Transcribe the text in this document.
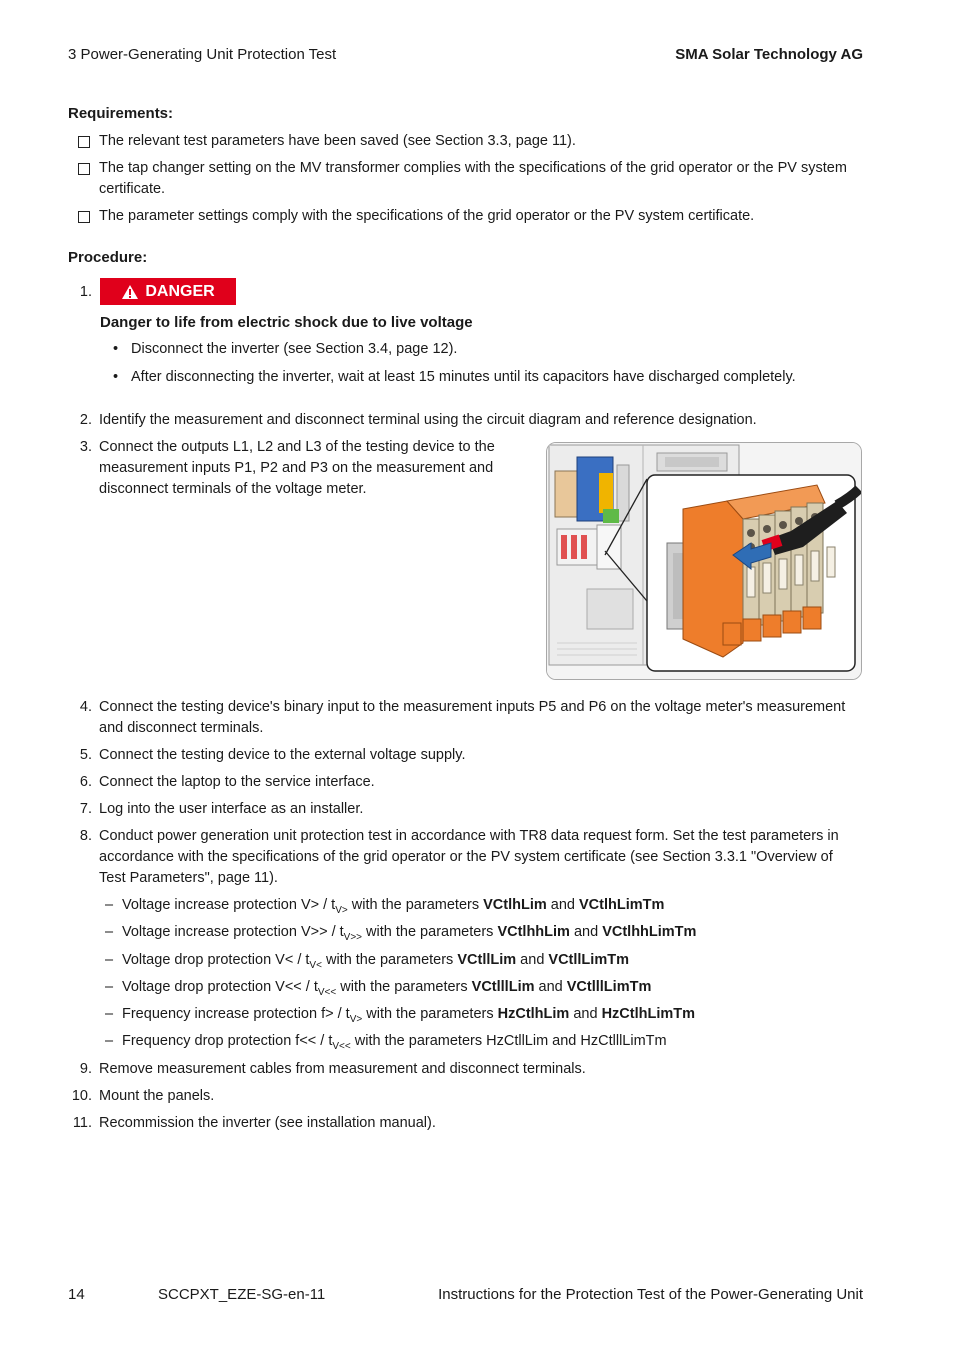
3 Power-Generating Unit Protection Test	SMA Solar Technology AG
Requirements:
The relevant test parameters have been saved (see Section 3.3, page 11).
The tap changer setting on the MV transformer complies with the specifications of the grid operator or the PV system certificate.
The parameter settings comply with the specifications of the grid operator or the PV system certificate.
Procedure:
1.	DANGER
Danger to life from electric shock due to live voltage
• Disconnect the inverter (see Section 3.4, page 12).
• After disconnecting the inverter, wait at least 15 minutes until its capacitors have discharged completely.
2. Identify the measurement and disconnect terminal using the circuit diagram and reference designation.
3. Connect the outputs L1, L2 and L3 of the testing device to the measurement inputs P1, P2 and P3 on the measurement and disconnect terminals of the voltage meter.
4. Connect the testing device's binary input to the measurement inputs P5 and P6 on the voltage meter's measurement and disconnect terminals.
5. Connect the testing device to the external voltage supply.
6. Connect the laptop to the service interface.
7. Log into the user interface as an installer.
8. Conduct power generation unit protection test in accordance with TR8 data request form. Set the test parameters in accordance with the specifications of the grid operator or the PV system certificate (see Section 3.3.1 "Overview of Test Parameters", page 11).
– Voltage increase protection $V> / t_{V>}$ with the parameters VCtlhLim and VCtlhLimTm
– Voltage increase protection $V>> / t_{V>>}$ with the parameters VCtlhhLim and VCtlhhLimTm
– Voltage drop protection $V< / t_{V<}$ with the parameters VCtllLim and VCtllLimTm
– Voltage drop protection $V<< / t_{V<<}$ with the parameters VCtlllLim and VCtlllLimTm
– Frequency increase protection $f> / t_{V>}$ with the parameters HzCtlhLim and HzCtlhLimTm
– Frequency drop protection $f<< / t_{V<<}$ with the parameters HzCtllLim and HzCtlllLimTm
9. Remove measurement cables from measurement and disconnect terminals.
10. Mount the panels.
11. Recommission the inverter (see installation manual).
14	SCCPXT_EZE-SG-en-11	Instructions for the Protection Test of the Power-Generating Unit
